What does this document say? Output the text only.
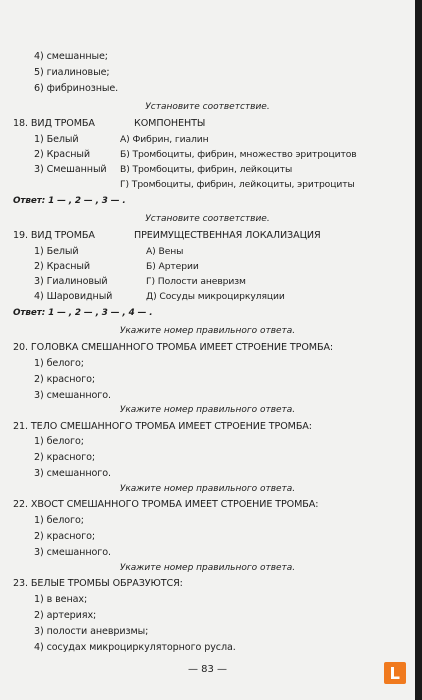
4) смешанные;
5) гиалиновые;
6) фибринозные.
Установите соответствие.
18. ВИД ТРОМБА	КОМПОНЕНТЫ
1) Белый
2) Красный
3) Смешанный
А) Фибрин, гиалин
Б) Тромбоциты, фибрин, множество эритроцитов
В) Тромбоциты, фибрин, лейкоциты
Г) Тромбоциты, фибрин, лейкоциты, эритроциты
Ответ: 1 — , 2 — , 3 — .
Установите соответствие.
19. ВИД ТРОМБА	ПРЕИМУЩЕСТВЕННАЯ ЛОКАЛИЗАЦИЯ
1) Белый
2) Красный
3) Гиалиновый
4) Шаровидный
А) Вены
Б) Артерии
Г) Полости аневризм
Д) Сосуды микроциркуляции
Ответ: 1 — , 2 — , 3 — , 4 — .
Укажите номер правильного ответа.
20. ГОЛОВКА СМЕШАННОГО ТРОМБА ИМЕЕТ СТРОЕНИЕ ТРОМБА:
1) белого;
2) красного;
3) смешанного.
Укажите номер правильного ответа.
21. ТЕЛО СМЕШАННОГО ТРОМБА ИМЕЕТ СТРОЕНИЕ ТРОМБА:
1) белого;
2) красного;
3) смешанного.
Укажите номер правильного ответа.
22. ХВОСТ СМЕШАННОГО ТРОМБА ИМЕЕТ СТРОЕНИЕ ТРОМБА:
1) белого;
2) красного;
3) смешанного.
Укажите номер правильного ответа.
23. БЕЛЫЕ ТРОМБЫ ОБРАЗУЮТСЯ:
1) в венах;
2) артериях;
3) полости аневризмы;
4) сосудах микроциркуляторного русла.
— 83 —
